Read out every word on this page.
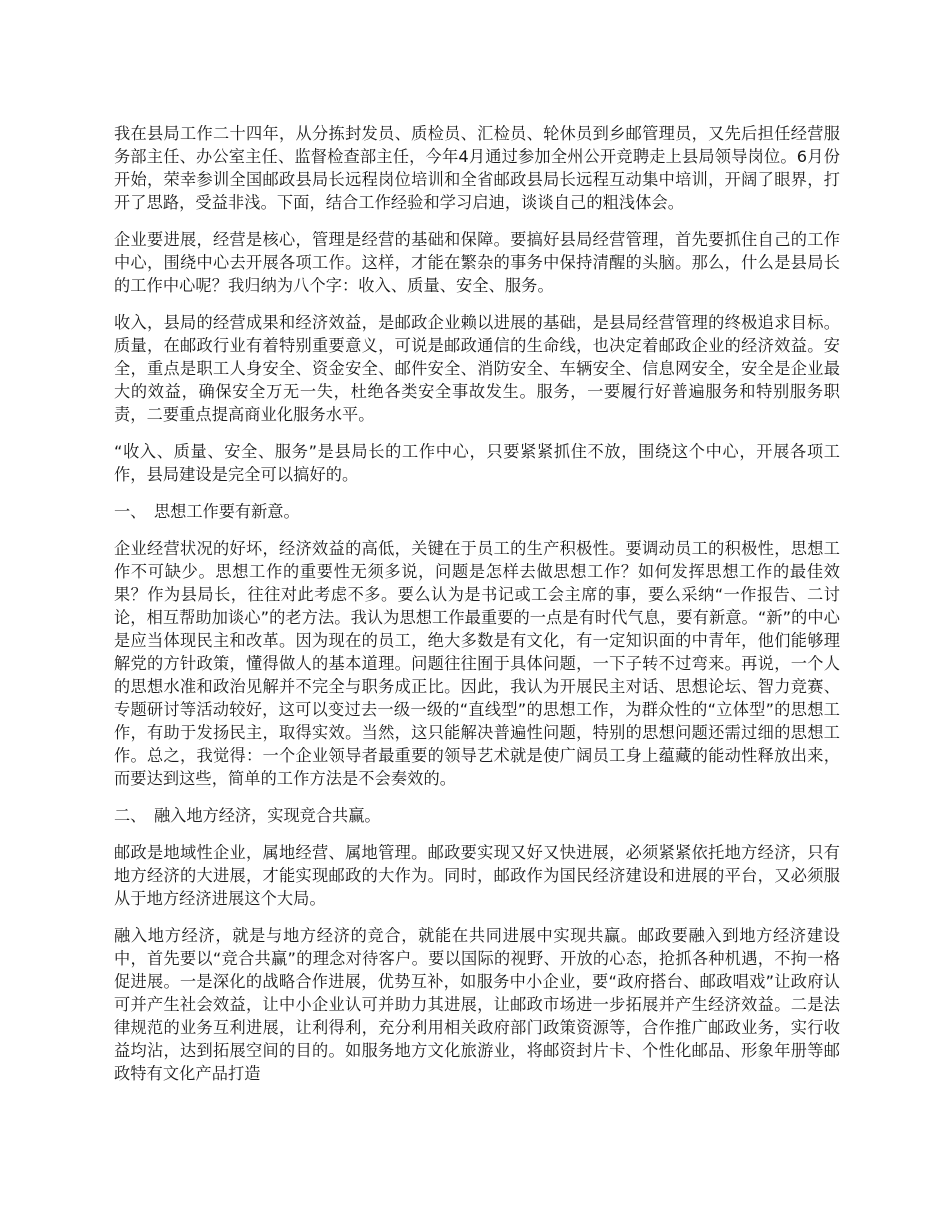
我在县局工作二十四年，从分拣封发员、质检员、汇检员、轮休员到乡邮管理员，又先后担任经营服务部主任、办公室主任、监督检查部主任，今年4月通过参加全州公开竞聘走上县局领导岗位。6月份开始，荣幸参训全国邮政县局长远程岗位培训和全省邮政县局长远程互动集中培训，开阔了眼界，打开了思路，受益非浅。下面，结合工作经验和学习启迪，谈谈自己的粗浅体会。

企业要进展，经营是核心，管理是经营的基础和保障。要搞好县局经营管理，首先要抓住自己的工作中心，围绕中心去开展各项工作。这样，才能在繁杂的事务中保持清醒的头脑。那么，什么是县局长的工作中心呢？我归纳为八个字：收入、质量、安全、服务。

收入，县局的经营成果和经济效益，是邮政企业赖以进展的基础，是县局经营管理的终极追求目标。质量，在邮政行业有着特别重要意义，可说是邮政通信的生命线，也决定着邮政企业的经济效益。安全，重点是职工人身安全、资金安全、邮件安全、消防安全、车辆安全、信息网安全，安全是企业最大的效益，确保安全万无一失，杜绝各类安全事故发生。服务，一要履行好普遍服务和特别服务职责，二要重点提高商业化服务水平。

“收入、质量、安全、服务”是县局长的工作中心，只要紧紧抓住不放，围绕这个中心，开展各项工作，县局建设是完全可以搞好的。

一、 思想工作要有新意。

企业经营状况的好坏，经济效益的高低，关键在于员工的生产积极性。要调动员工的积极性，思想工作不可缺少。思想工作的重要性无须多说，问题是怎样去做思想工作？如何发挥思想工作的最佳效果？作为县局长，往往对此考虑不多。要么认为是书记或工会主席的事，要么采纳“一作报告、二讨论，相互帮助加谈心”的老方法。我认为思想工作最重要的一点是有时代气息，要有新意。“新”的中心是应当体现民主和改革。因为现在的员工，绝大多数是有文化，有一定知识面的中青年，他们能够理解党的方针政策，懂得做人的基本道理。问题往往囿于具体问题，一下子转不过弯来。再说，一个人的思想水准和政治见解并不完全与职务成正比。因此，我认为开展民主对话、思想论坛、智力竞赛、专题研讨等活动较好，这可以变过去一级一级的“直线型”的思想工作，为群众性的“立体型”的思想工作，有助于发扬民主，取得实效。当然，这只能解决普遍性问题，特别的思想问题还需过细的思想工作。总之，我觉得：一个企业领导者最重要的领导艺术就是使广阔员工身上蕴藏的能动性释放出来，而要达到这些，简单的工作方法是不会奏效的。

二、 融入地方经济，实现竞合共赢。

邮政是地域性企业，属地经营、属地管理。邮政要实现又好又快进展，必须紧紧依托地方经济，只有地方经济的大进展，才能实现邮政的大作为。同时，邮政作为国民经济建设和进展的平台，又必须服从于地方经济进展这个大局。

融入地方经济，就是与地方经济的竞合，就能在共同进展中实现共赢。邮政要融入到地方经济建设中，首先要以“竞合共赢”的理念对待客户。要以国际的视野、开放的心态，抢抓各种机遇，不拘一格促进展。一是深化的战略合作进展，优势互补，如服务中小企业，要“政府搭台、邮政唱戏”让政府认可并产生社会效益，让中小企业认可并助力其进展，让邮政市场进一步拓展并产生经济效益。二是法律规范的业务互利进展，让利得利，充分利用相关政府部门政策资源等，合作推广邮政业务，实行收益均沾，达到拓展空间的目的。如服务地方文化旅游业，将邮资封片卡、个性化邮品、形象年册等邮政特有文化产品打造
